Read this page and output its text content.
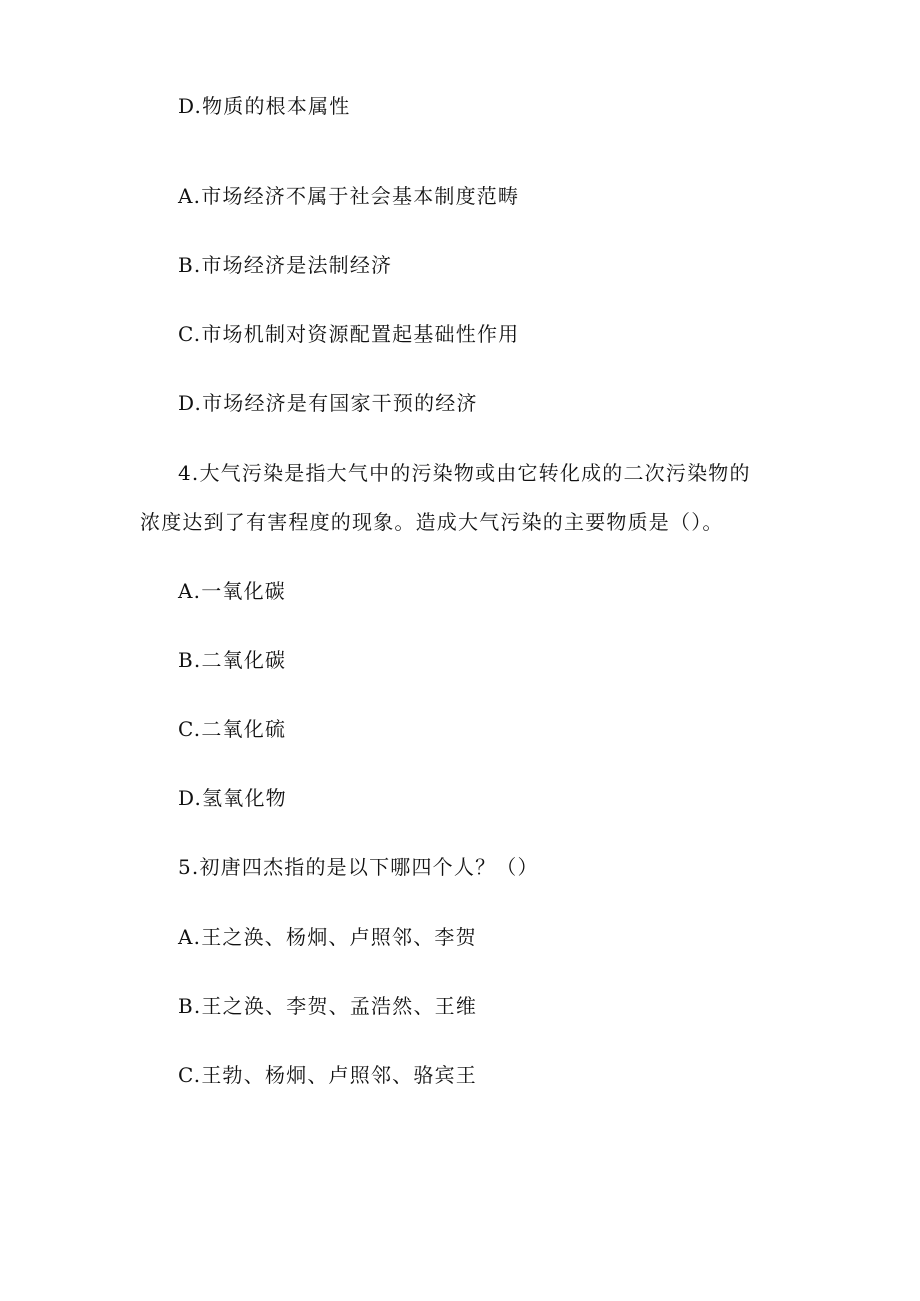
D.物质的根本属性
A.市场经济不属于社会基本制度范畴
B.市场经济是法制经济
C.市场机制对资源配置起基础性作用
D.市场经济是有国家干预的经济
4.大气污染是指大气中的污染物或由它转化成的二次污染物的
浓度达到了有害程度的现象。造成大气污染的主要物质是（）。
A.一氧化碳
B.二氧化碳
C.二氧化硫
D.氢氧化物
5.初唐四杰指的是以下哪四个人？（）
A.王之涣、杨炯、卢照邻、李贺
B.王之涣、李贺、孟浩然、王维
C.王勃、杨炯、卢照邻、骆宾王
